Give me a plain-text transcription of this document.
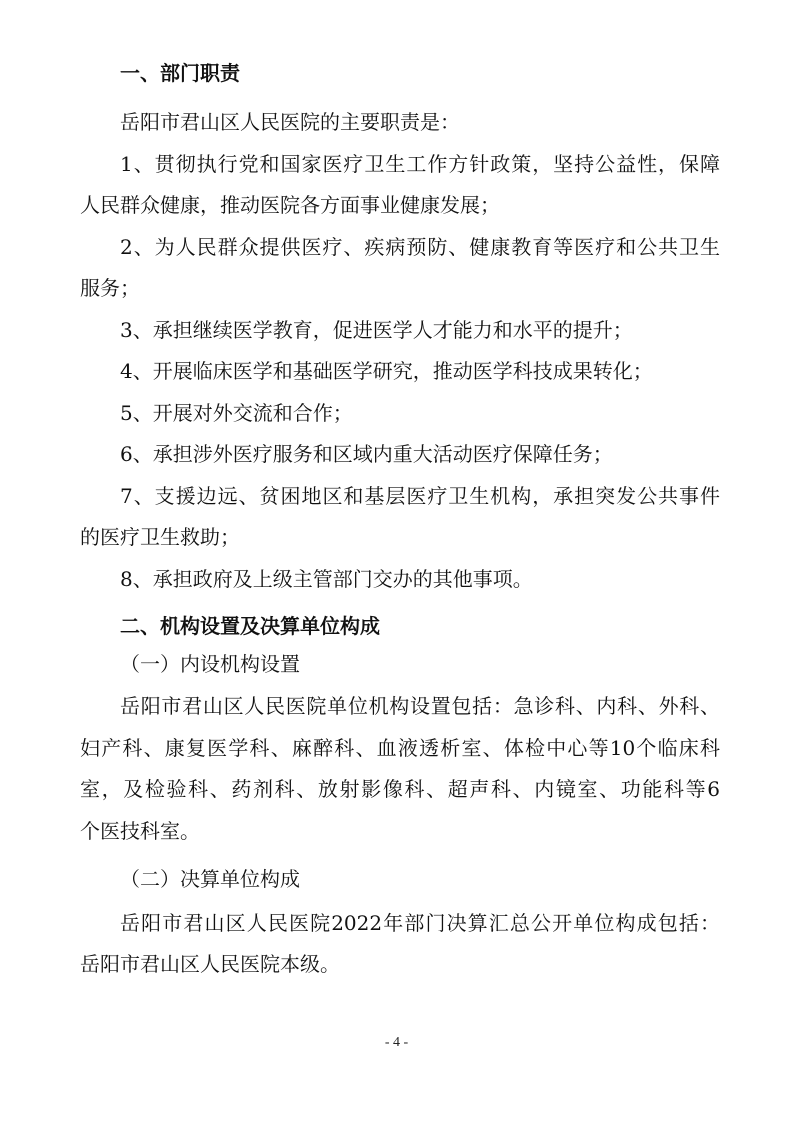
一、部门职责
岳阳市君山区人民医院的主要职责是：
1、贯彻执行党和国家医疗卫生工作方针政策，坚持公益性，保障
人民群众健康，推动医院各方面事业健康发展；
2、为人民群众提供医疗、疾病预防、健康教育等医疗和公共卫生
服务；
3、承担继续医学教育，促进医学人才能力和水平的提升；
4、开展临床医学和基础医学研究，推动医学科技成果转化；
5、开展对外交流和合作；
6、承担涉外医疗服务和区域内重大活动医疗保障任务；
7、支援边远、贫困地区和基层医疗卫生机构，承担突发公共事件
的医疗卫生救助；
8、承担政府及上级主管部门交办的其他事项。
二、机构设置及决算单位构成
（一）内设机构设置
岳阳市君山区人民医院单位机构设置包括：急诊科、内科、外科、
妇产科、康复医学科、麻醉科、血液透析室、体检中心等10个临床科
室，及检验科、药剂科、放射影像科、超声科、内镜室、功能科等6
个医技科室。
（二）决算单位构成
岳阳市君山区人民医院2022年部门决算汇总公开单位构成包括：
岳阳市君山区人民医院本级。
- 4 -
